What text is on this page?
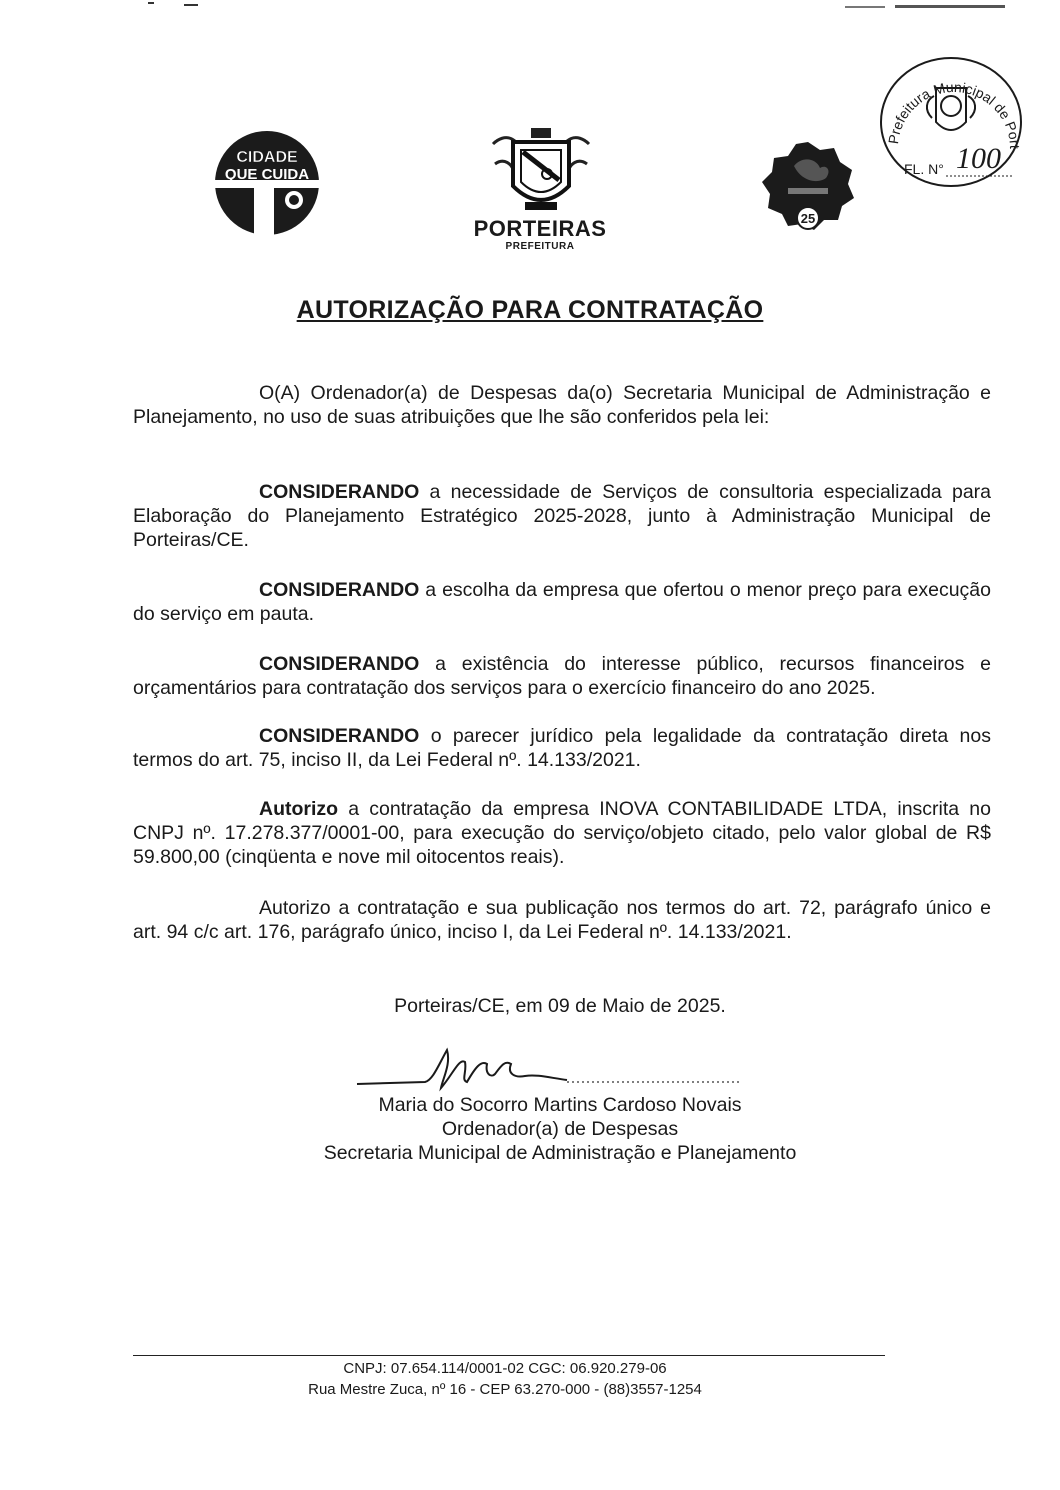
CIDADE
QUE CUIDA
PORTEIRAS
PREFEITURA
25
Prefeitura Municipal de Port
FL. N° 100
AUTORIZAÇÃO PARA CONTRATAÇÃO

O(A) Ordenador(a) de Despesas da(o) Secretaria Municipal de Administração e Planejamento, no uso de suas atribuições que lhe são conferidos pela lei:

CONSIDERANDO a necessidade de Serviços de consultoria especializada para Elaboração do Planejamento Estratégico 2025-2028, junto à Administração Municipal de Porteiras/CE.

CONSIDERANDO a escolha da empresa que ofertou o menor preço para execução do serviço em pauta.

CONSIDERANDO a existência do interesse público, recursos financeiros e orçamentários para contratação dos serviços para o exercício financeiro do ano 2025.

CONSIDERANDO o parecer jurídico pela legalidade da contratação direta nos termos do art. 75, inciso II, da Lei Federal nº. 14.133/2021.

Autorizo a contratação da empresa INOVA CONTABILIDADE LTDA, inscrita no CNPJ nº. 17.278.377/0001-00, para execução do serviço/objeto citado, pelo valor global de R$ 59.800,00 (cinqüenta e nove mil oitocentos reais).

Autorizo a contratação e sua publicação nos termos do art. 72, parágrafo único e art. 94 c/c art. 176, parágrafo único, inciso I, da Lei Federal nº. 14.133/2021.

Porteiras/CE, em 09 de Maio de 2025.
Maria do Socorro Martins Cardoso Novais
Ordenador(a) de Despesas
Secretaria Municipal de Administração e Planejamento
CNPJ: 07.654.114/0001-02 CGC: 06.920.279-06
Rua Mestre Zuca, nº 16 - CEP 63.270-000 - (88)3557-1254
